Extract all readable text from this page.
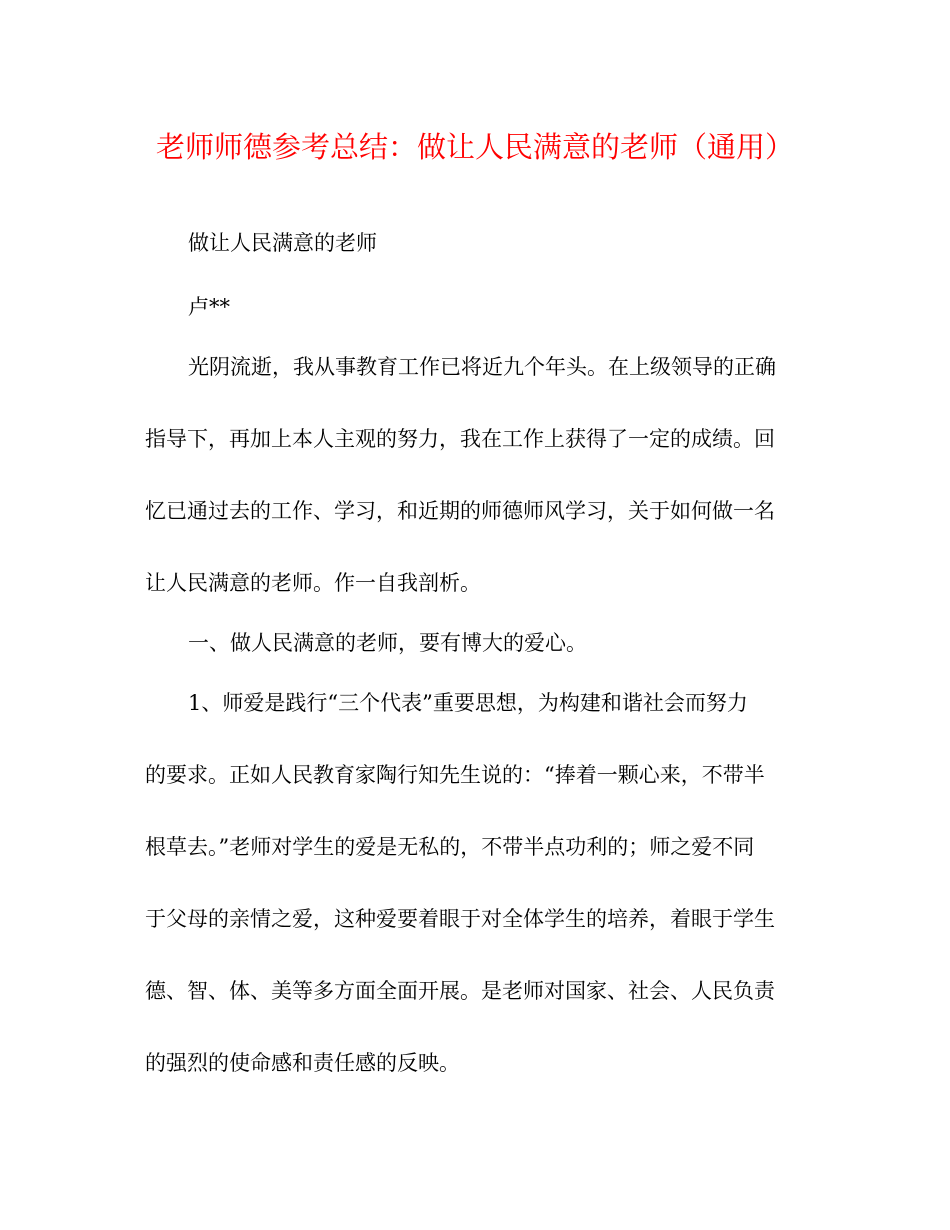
老师师德参考总结：做让人民满意的老师（通用）

做让人民满意的老师

卢**

光阴流逝，我从事教育工作已将近九个年头。在上级领导的正确

指导下，再加上本人主观的努力，我在工作上获得了一定的成绩。回

忆已通过去的工作、学习，和近期的师德师风学习，关于如何做一名

让人民满意的老师。作一自我剖析。

一、做人民满意的老师，要有博大的爱心。

1、师爱是践行“三个代表”重要思想，为构建和谐社会而努力

的要求。正如人民教育家陶行知先生说的：“捧着一颗心来，不带半

根草去。”老师对学生的爱是无私的，不带半点功利的；师之爱不同

于父母的亲情之爱，这种爱要着眼于对全体学生的培养，着眼于学生

德、智、体、美等多方面全面开展。是老师对国家、社会、人民负责

的强烈的使命感和责任感的反映。
